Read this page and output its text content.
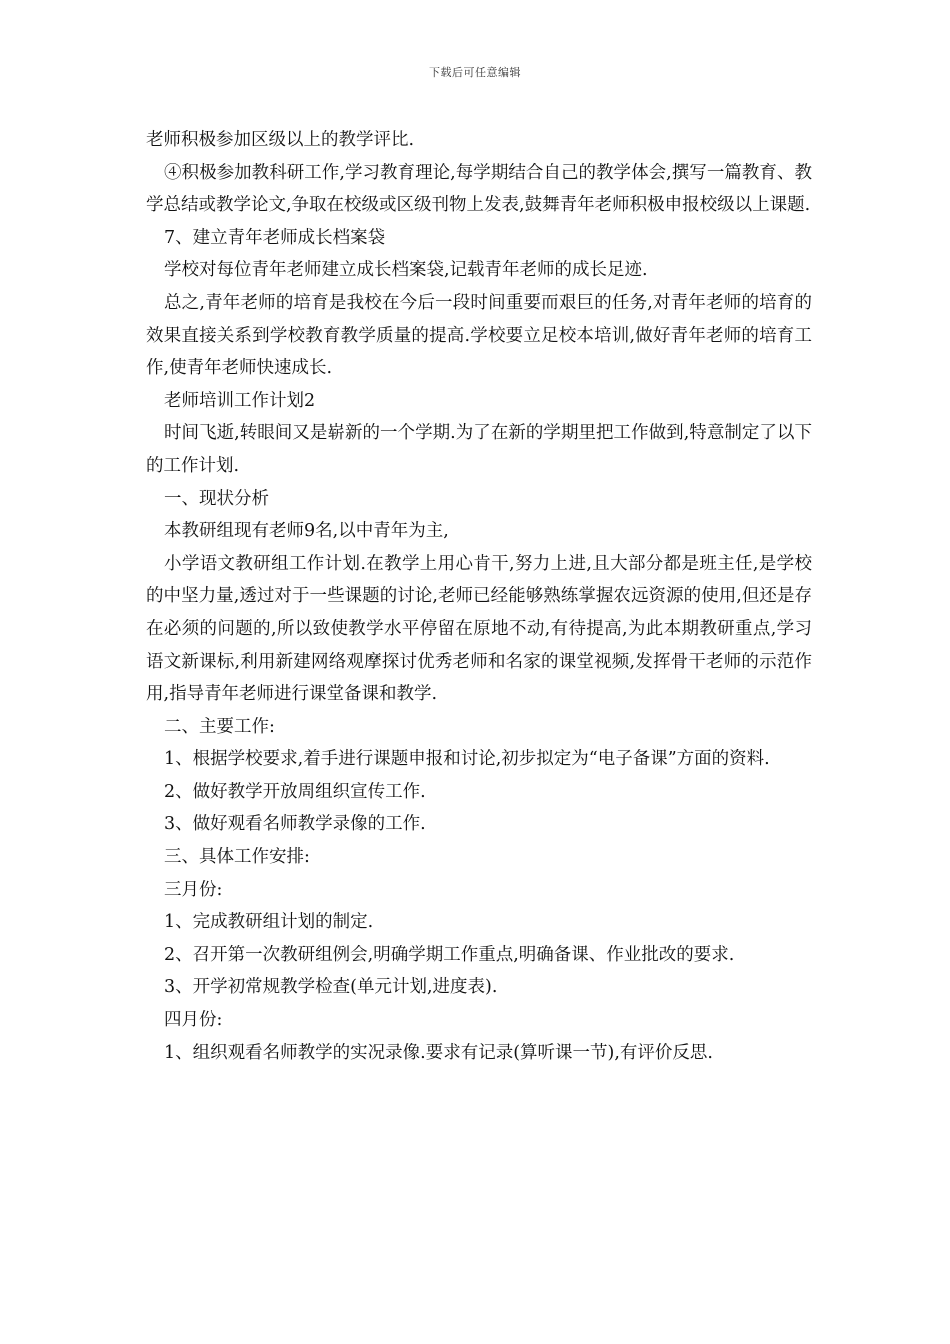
下载后可任意编辑

老师积极参加区级以上的教学评比.

④积极参加教科研工作,学习教育理论,每学期结合自己的教学体会,撰写一篇教育、教学总结或教学论文,争取在校级或区级刊物上发表,鼓舞青年老师积极申报校级以上课题.

7、建立青年老师成长档案袋

学校对每位青年老师建立成长档案袋,记载青年老师的成长足迹.

总之,青年老师的培育是我校在今后一段时间重要而艰巨的任务,对青年老师的培育的效果直接关系到学校教育教学质量的提高.学校要立足校本培训,做好青年老师的培育工作,使青年老师快速成长.

老师培训工作计划2

时间飞逝,转眼间又是崭新的一个学期.为了在新的学期里把工作做到,特意制定了以下的工作计划.

一、现状分析

本教研组现有老师9名,以中青年为主,

小学语文教研组工作计划.在教学上用心肯干,努力上进,且大部分都是班主任,是学校的中坚力量,透过对于一些课题的讨论,老师已经能够熟练掌握农远资源的使用,但还是存在必须的问题的,所以致使教学水平停留在原地不动,有待提高,为此本期教研重点,学习语文新课标,利用新建网络观摩探讨优秀老师和名家的课堂视频,发挥骨干老师的示范作用,指导青年老师进行课堂备课和教学.

二、主要工作:

1、根据学校要求,着手进行课题申报和讨论,初步拟定为“电子备课”方面的资料.

2、做好教学开放周组织宣传工作.

3、做好观看名师教学录像的工作.

三、具体工作安排:

三月份:

1、完成教研组计划的制定.

2、召开第一次教研组例会,明确学期工作重点,明确备课、作业批改的要求.

3、开学初常规教学检查(单元计划,进度表).

四月份:

1、组织观看名师教学的实况录像.要求有记录(算听课一节),有评价反思.
